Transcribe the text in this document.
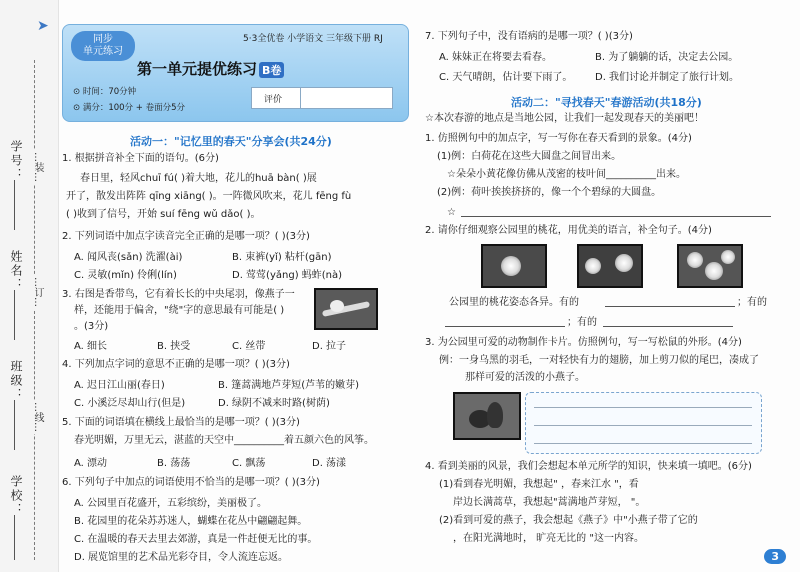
➤
学号：
姓名：
班级：
学校：
…装…
…订…
…线…
同步
单元练习
5·3全优卷 小学语文 三年级下册 RJ
第一单元提优练习 B卷
⊙ 时间：70分钟
⊙ 满分：100分 + 卷面分5分
评价
活动一："记忆里的春天"分享会(共24分)
1. 根据拼音补全下面的语句。(6分)
春日里，轻风chuī fú( )着大地，花儿的huā bàn( )展
开了，散发出阵阵 qīng xiāng( )。一阵微风吹来，花儿 fēng fù
( )收到了信号，开始 suí fēng wǔ dǎo( )。
2. 下列词语中加点字读音完全正确的是哪一项？( )(3分)
A. 闻风丧(sǎn) 洗濯(ài)	B. 束裤(yǐ) 粘杆(gān)
C. 灵敏(mǐn) 伶俐(lín)	D. 莺莺(yǎng) 蚂蚱(nà)
3. 右图是香带鸟，它有着长长的中央尾羽，像燕子一
样，还能用于偏舍，"绕"字的意思最有可能是( )
。(3分)
A. 细长	B. 挟受	C. 丝带	D. 拉子
4. 下列加点字词的意思不正确的是哪一项？( )(3分)
A. 迟日江山丽(春日)	B. 篷蒿满地芦芽短(芦苇的嫩芽)
C. 小溪泛尽却山行(但是)	D. 绿阴不减来时路(树荫)
5. 下面的词语填在横线上最恰当的是哪一项？( )(3分)
春光明媚，万里无云，湛蓝的天空中__________着五颜六色的风筝。
A. 漂动	B. 荡荡	C. 飘荡	D. 荡漾
6. 下列句子中加点的词语使用不恰当的是哪一项？( )(3分)
A. 公园里百花盛开，五彩缤纷，美丽极了。
B. 花园里的花朵苏苏迷人，蝴蝶在花丛中翩翩起舞。
C. 在温暖的春天去里去郊游，真是一件赶便无比的事。
D. 展览馆里的艺术品光彩夺目，令人流连忘返。
7. 下列句子中，没有语病的是哪一项？( )(3分)
A. 妹妹正在将要去看春。	B. 为了躺躺的话，决定去公园。
C. 天气晴朗，估计要下雨了。 D. 我们讨论并制定了旅行计划。
活动二："寻找春天"春游活动(共18分)
☆本次春游的地点是当地公园，让我们一起发现春天的美丽吧！
1. 仿照例句中的加点字，写一写你在春天看到的景象。(4分)
(1)例：白荷花在这些大圆盘之间冒出来。
☆朵朵小黄花像仿佛从茂密的枝叶间__________出来。
(2)例：荷叶挨挨挤挤的，像一个个碧绿的大圆盘。
☆
2. 请你仔细观察公园里的桃花，用优美的语言，补全句子。(4分)
公园里的桃花姿态各异。有的	；有的
；有的
3. 为公园里可爱的动物制作卡片。仿照例句，写一写松鼠的外形。(4分)
例：一身乌黑的羽毛，一对轻快有力的翅膀，加上剪刀似的尾巴，凑成了
那样可爱的活泼的小燕子。
4. 看到美丽的风景，我们会想起本单元所学的知识，快来填一填吧。(6分)
(1)看到春光明媚，我想起" ，春来江水 "，看
岸边长满蒿草，我想起"蒿满地芦芽短， "。
(2)看到可爱的燕子，我会想起《燕子》中"小燕子带了它的
，在阳光满地时， 旷亮无比的 "这一内容。
3
